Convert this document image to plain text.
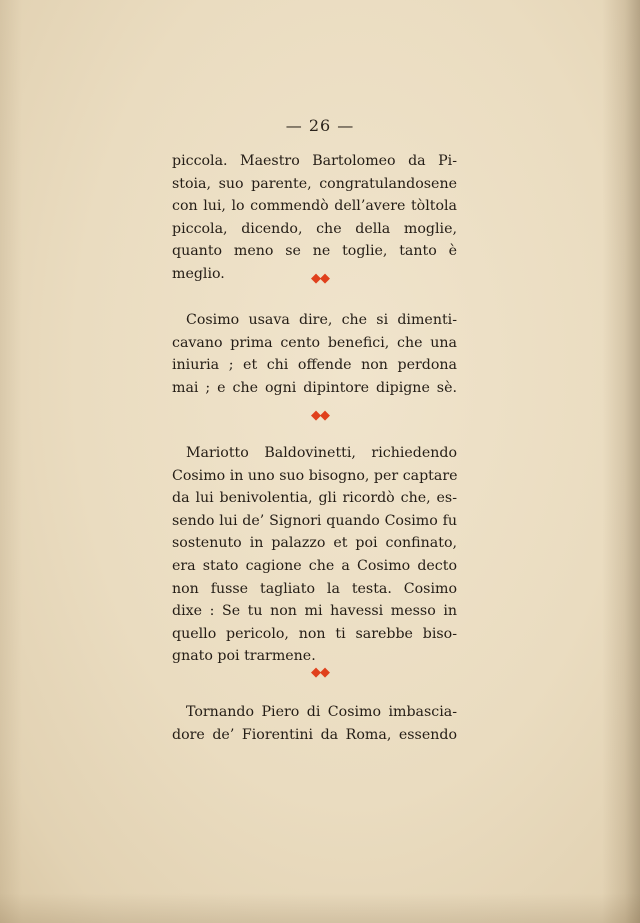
— 26 —
piccola. Maestro Bartolomeo da Pi-
stoia, suo parente, congratulandosene
con lui, lo commendò dell’avere tòltola
piccola, dicendo, che della moglie,
quanto meno se ne toglie, tanto è
meglio.	◆◆
Cosimo usava dire, che si dimenti-
cavano prima cento benefici, che una
iniuria ; et chi offende non perdona
mai ; e che ogni dipintore dipigne sè.
◆◆
Mariotto Baldovinetti, richiedendo
Cosimo in uno suo bisogno, per captare
da lui benivolentia, gli ricordò che, es-
sendo lui de’ Signori quando Cosimo fu
sostenuto in palazzo et poi confinato,
era stato cagione che a Cosimo decto
non fusse tagliato la testa. Cosimo
dixe : Se tu non mi havessi messo in
quello pericolo, non ti sarebbe biso-
gnato poi trarmene.
◆◆
Tornando Piero di Cosimo imbascia-
dore de’ Fiorentini da Roma, essendo
